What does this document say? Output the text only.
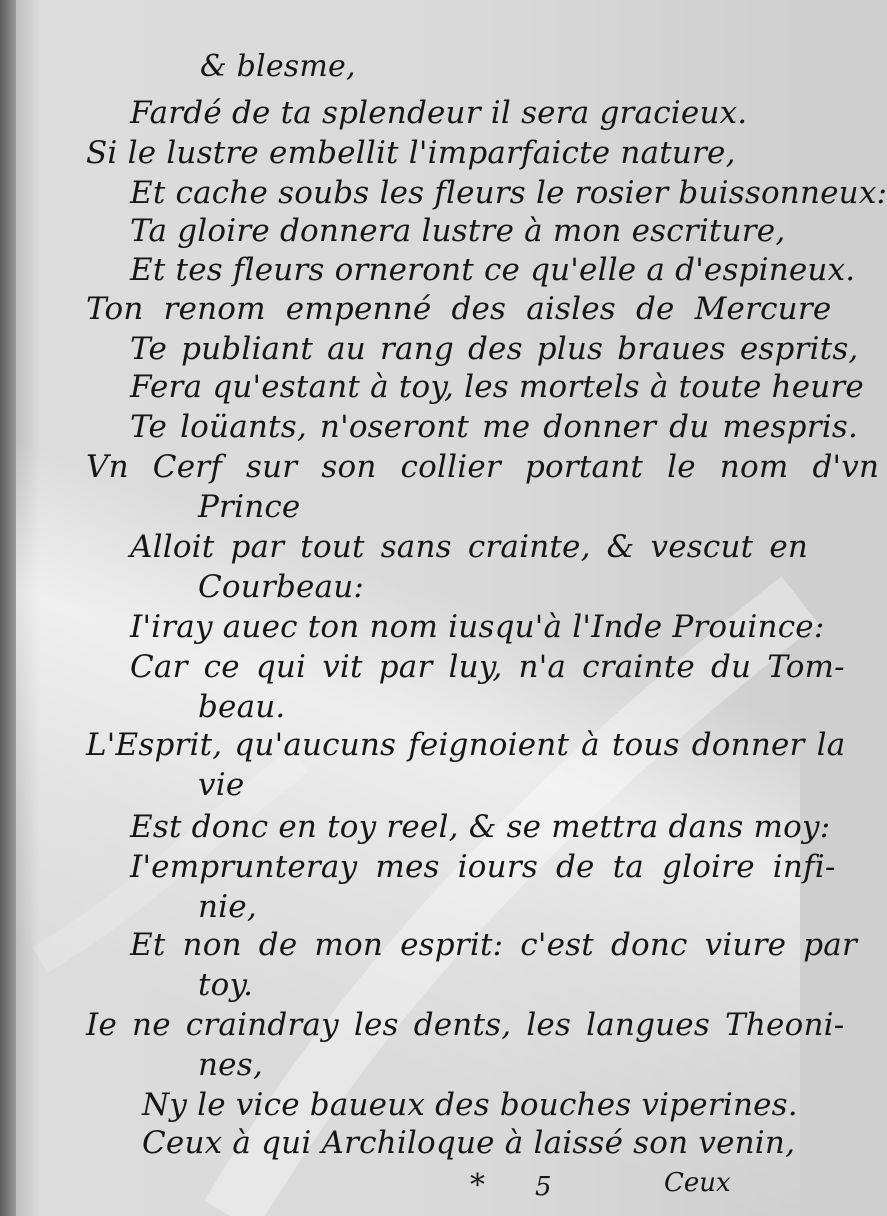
& blesme,
Fardé de ta splendeur il sera gracieux.
Si le lustre embellit l'imparfaicte nature,
Et cache soubs les fleurs le rosier buissonneux:
Ta gloire donnera lustre à mon escriture,
Et tes fleurs orneront ce qu'elle a d'espineux.
Ton renom empenné des aisles de Mercure
Te publiant au rang des plus braues esprits,
Fera qu'estant à toy, les mortels à toute heure
Te loüants, n'oseront me donner du mespris.
Vn Cerf sur son collier portant le nom d'vn
Prince
Alloit par tout sans crainte, & vescut en
Courbeau:
I'iray auec ton nom iusqu'à l'Inde Prouince:
Car ce qui vit par luy, n'a crainte du Tom-
beau.
L'Esprit, qu'aucuns feignoient à tous donner la
vie
Est donc en toy reel, & se mettra dans moy:
I'emprunteray mes iours de ta gloire infi-
nie,
Et non de mon esprit: c'est donc viure par
toy.
Ie ne craindray les dents, les langues Theoni-
nes,
Ny le vice baueux des bouches viperines.
Ceux à qui Archiloque à laissé son venin,
* 5	Ceux
